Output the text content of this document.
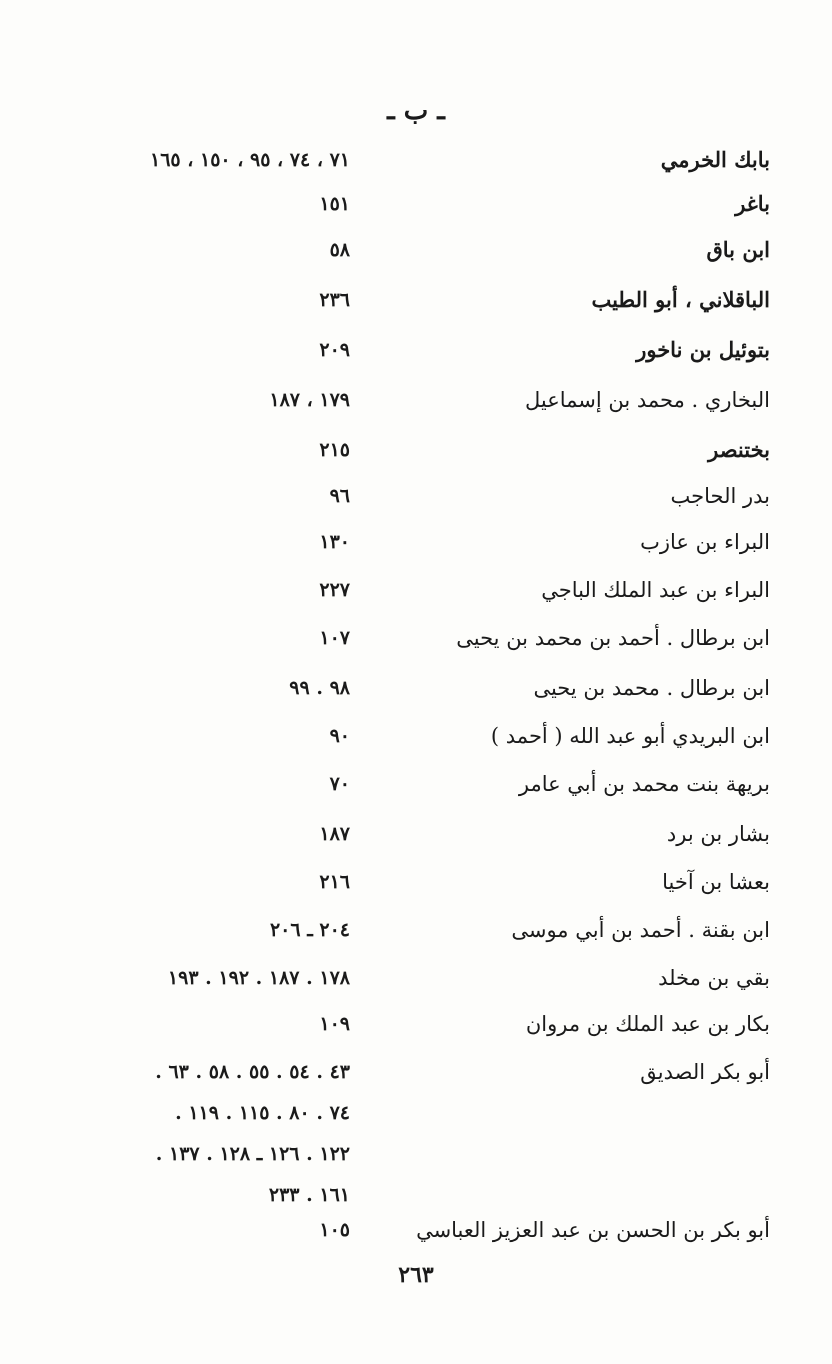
ـ ب ـ
بابك الخرمي
٧١ ، ٧٤ ، ٩٥ ، ١٥٠ ، ١٦٥
باغر
١٥١
ابن باق
٥٨
الباقلاني ، أبو الطيب
٢٣٦
بتوئيل بن ناخور
٢٠٩
البخاري . محمد بن إسماعيل
١٧٩ ، ١٨٧
بختنصر
٢١٥
بدر الحاجب
٩٦
البراء بن عازب
١٣٠
البراء بن عبد الملك الباجي
٢٢٧
ابن برطال . أحمد بن محمد بن يحيى
١٠٧
ابن برطال . محمد بن يحيى
٩٨ . ٩٩
ابن البريدي أبو عبد الله ( أحمد )
٩٠
بريهة بنت محمد بن أبي عامر
٧٠
بشار بن برد
١٨٧
بعشا بن آخيا
٢١٦
ابن بقنة . أحمد بن أبي موسى
٢٠٤ ـ ٢٠٦
بقي بن مخلد
١٧٨ . ١٨٧ . ١٩٢ . ١٩٣
بكار بن عبد الملك بن مروان
١٠٩
أبو بكر الصديق
٤٣ . ٥٤ . ٥٥ . ٥٨ . ٦٣ .
٧٤ . ٨٠ . ١١٥ . ١١٩ .
١٢٢ . ١٢٦ ـ ١٢٨ . ١٣٧ .
١٦١ . ٢٣٣
أبو بكر بن الحسن بن عبد العزيز العباسي
١٠٥
٢٦٣
